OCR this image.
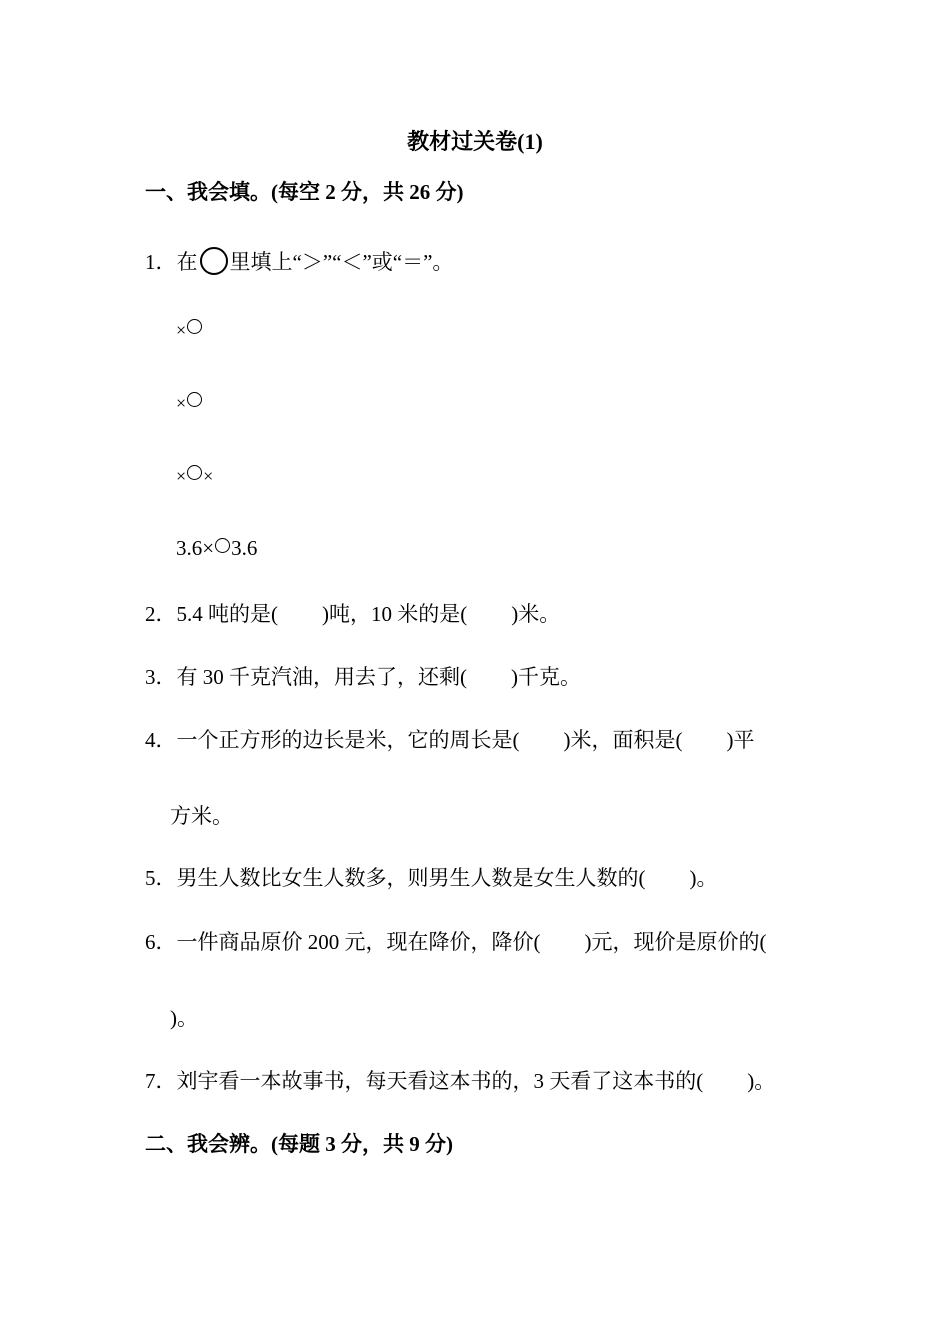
教材过关卷(1)
一、我会填。(每空 2 分，共 26 分)
1．在 里填上“＞”“＜”或“＝”。
×
×
× ×
3.6× 3.6
2．5.4 吨的是( )吨，10 米的是( )米。
3．有 30 千克汽油，用去了，还剩( )千克。
4．一个正方形的边长是米，它的周长是( )米，面积是( )平
方米。
5．男生人数比女生人数多，则男生人数是女生人数的( )。
6．一件商品原价 200 元，现在降价，降价( )元，现价是原价的(
)。
7．刘宇看一本故事书，每天看这本书的，3 天看了这本书的( )。
二、我会辨。(每题 3 分，共 9 分)
